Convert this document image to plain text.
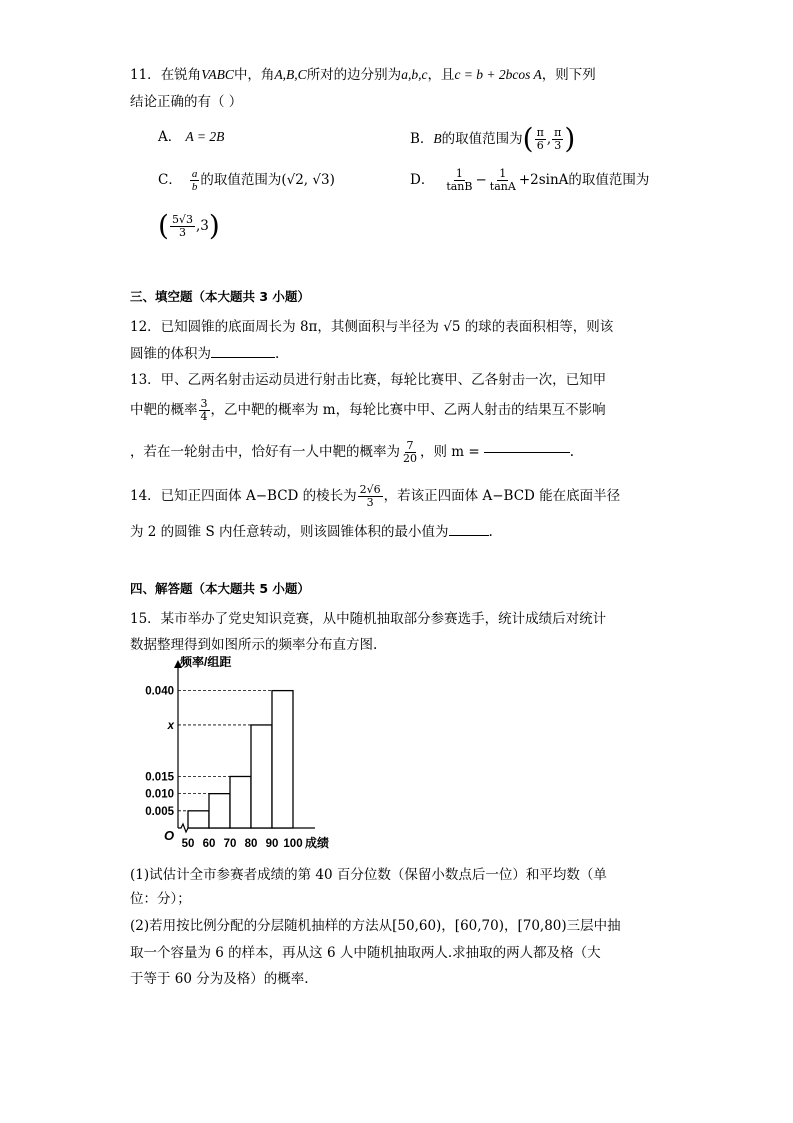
11．在锐角VABC中，角A,B,C所对的边分别为a,b,c，且c = b + 2bcos A，则下列
结论正确的有（ ）
A． A = 2B	B． B 的取值范围为 ( $\frac{\pi}{6}$ , $\frac{\pi}{3}$ )
C． $\frac{a}{b}$ 的取值范围为 (√2, √3)	D． $\frac{1}{\tan B} - \frac{1}{\tan A} +2\sin A$的取值范围为
( $\frac{5√3}{3} ,3$ )
三、填空题（本大题共 3 小题）
12．已知圆锥的底面周长为 8π，其侧面积与半径为 √5 的球的表面积相等，则该
圆锥的体积为	.
13．甲、乙两名射击运动员进行射击比赛，每轮比赛甲、乙各射击一次，已知甲
中靶的概率 $\frac{3}{4}$ ，乙中靶的概率为 m，每轮比赛中甲、乙两人射击的结果互不影响
，若在一轮射击中，恰好有一人中靶的概率为 $\frac{7}{20}$ ，则 m =	.
14．已知正四面体 A−BCD 的棱长为 $\frac{2√6}{3}$ ，若该正四面体 A−BCD 能在底面半径
为 2 的圆锥 S 内任意转动，则该圆锥体积的最小值为	.
四、解答题（本大题共 5 小题）
15．某市举办了党史知识竞赛，从中随机抽取部分参赛选手，统计成绩后对统计
数据整理得到如图所示的频率分布直方图.
O
频率/组距
0.005
0.010
0.015
x
0.040
50 60 70 80 90 100 成绩
(1)试估计全市参赛者成绩的第 40 百分位数（保留小数点后一位）和平均数（单
位：分）；
(2)若用按比例分配的分层随机抽样的方法从[50,60)，[60,70)，[70,80)三层中抽
取一个容量为 6 的样本，再从这 6 人中随机抽取两人.求抽取的两人都及格（大
于等于 60 分为及格）的概率.
